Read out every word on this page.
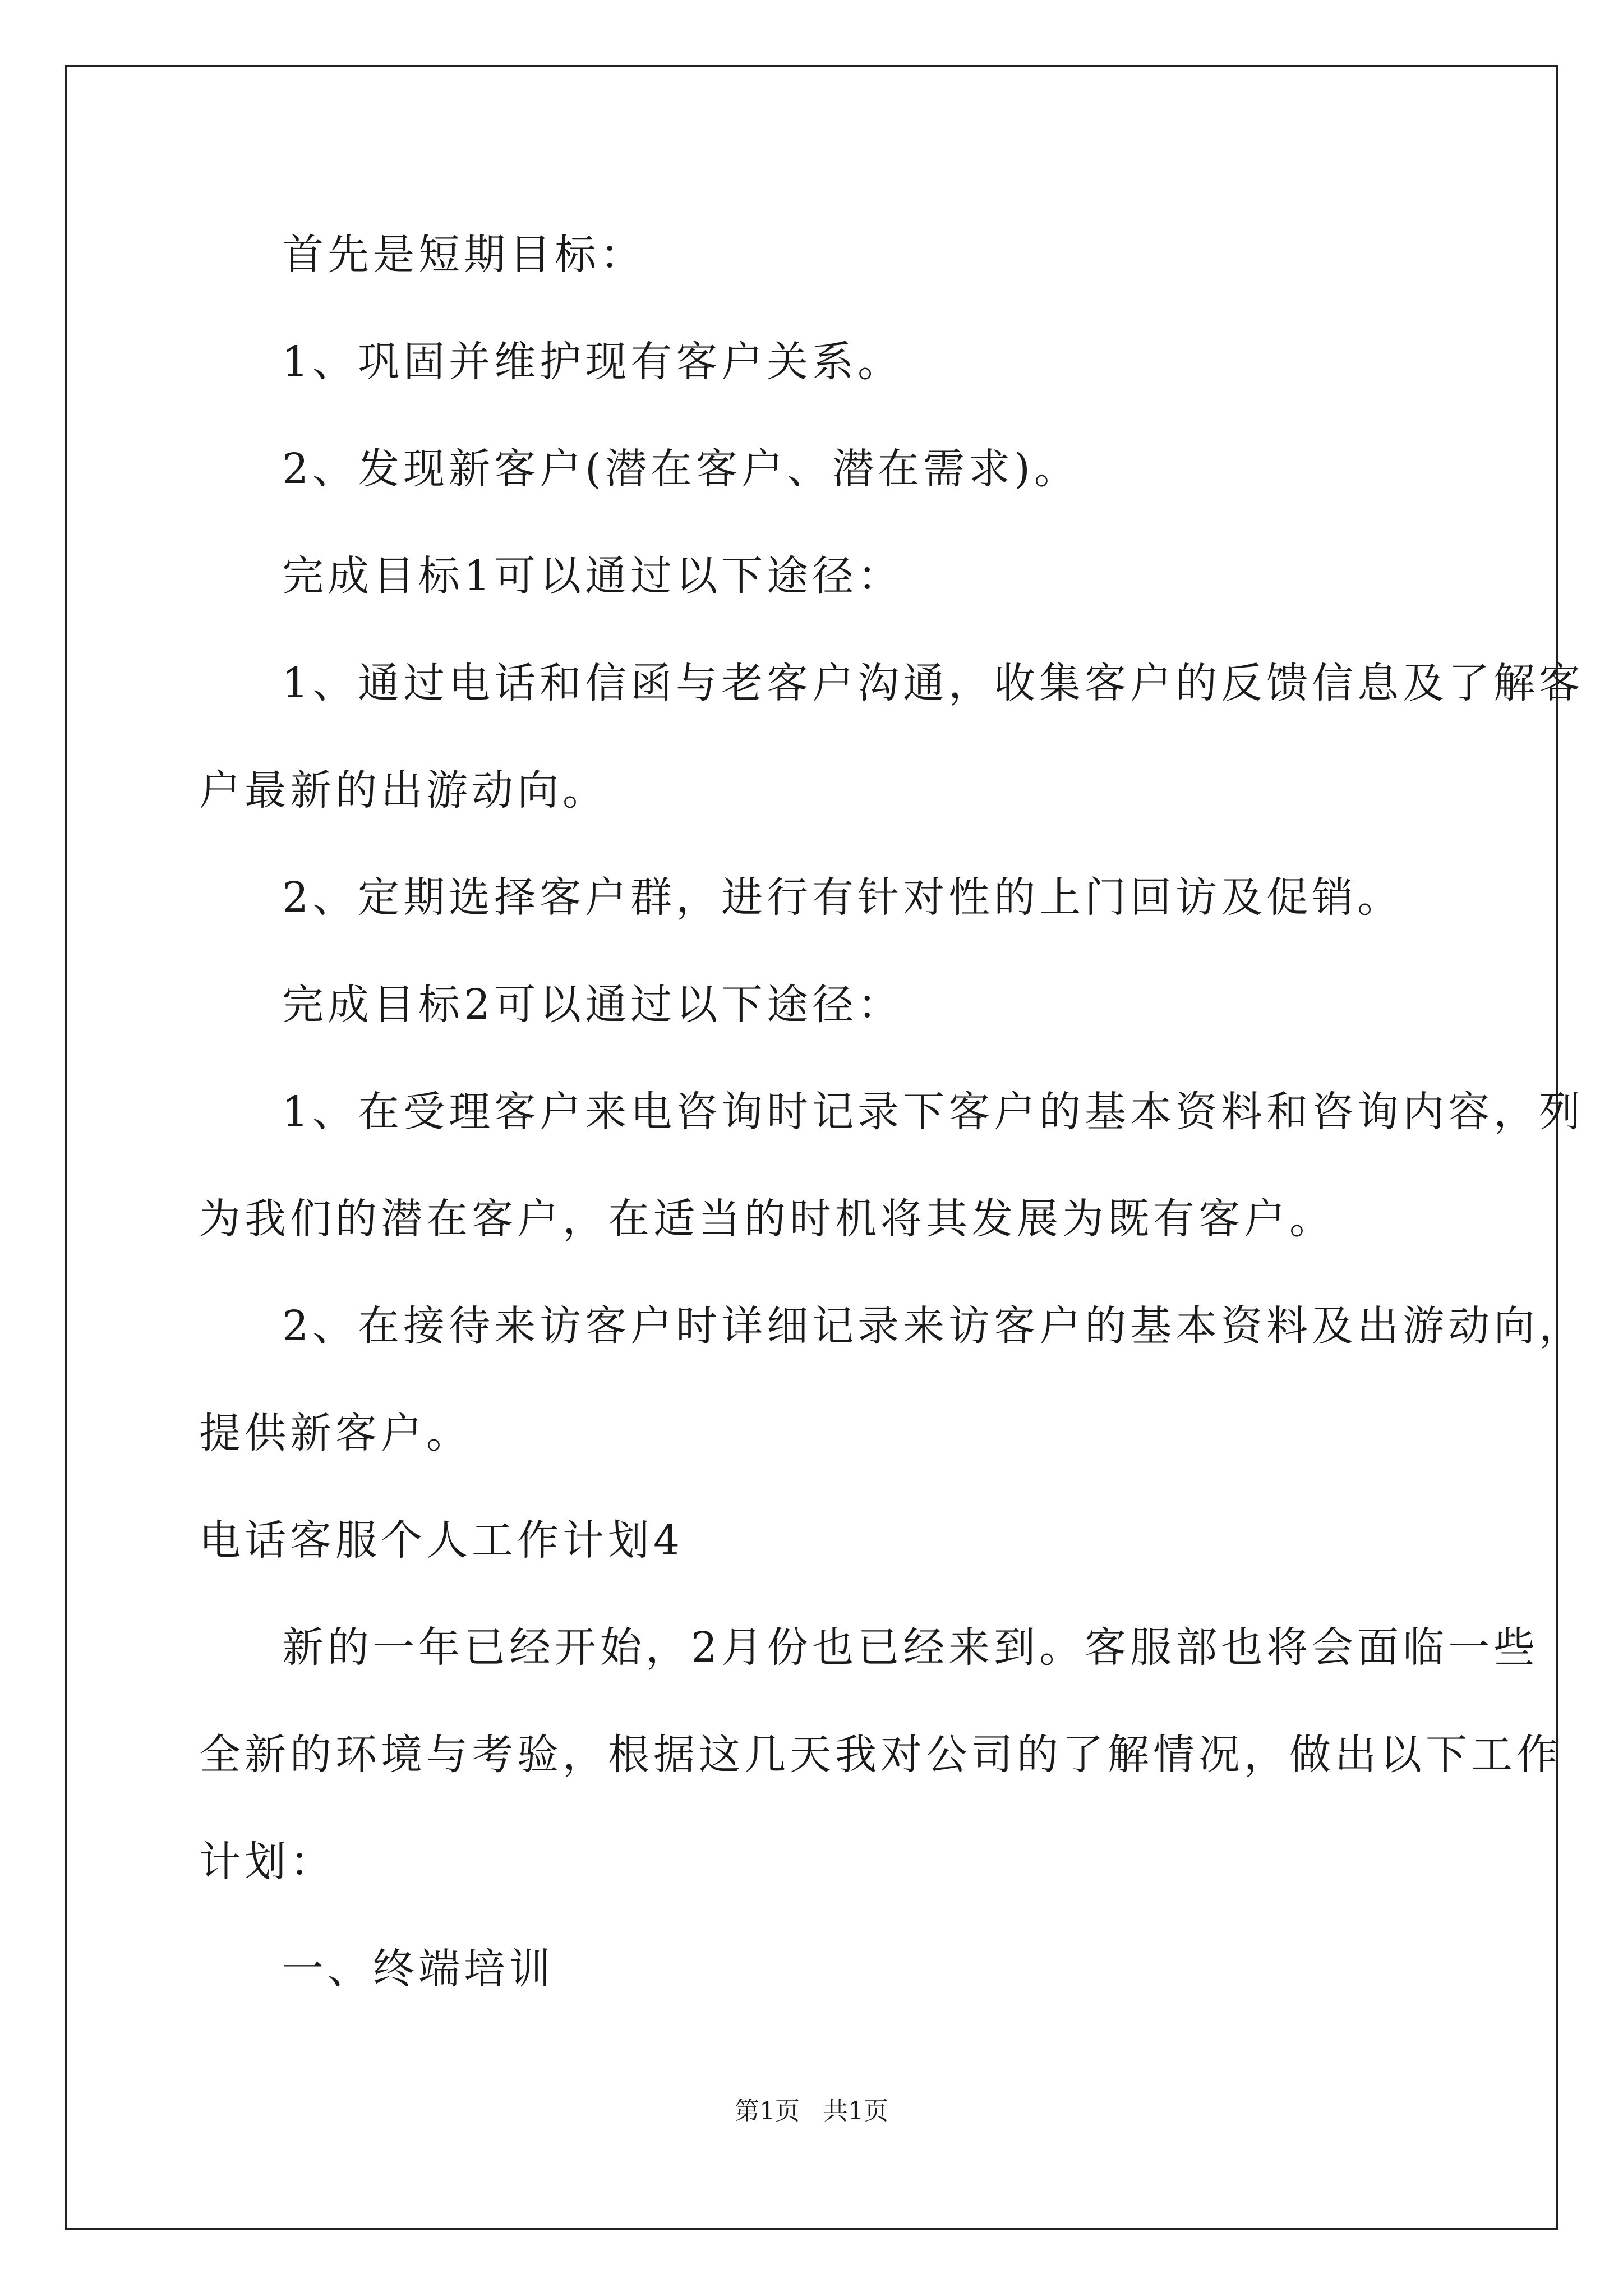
首先是短期目标：
1、巩固并维护现有客户关系。
2、发现新客户(潜在客户、潜在需求)。
完成目标1可以通过以下途径：
1、通过电话和信函与老客户沟通，收集客户的反馈信息及了解客
户最新的出游动向。
2、定期选择客户群，进行有针对性的上门回访及促销。
完成目标2可以通过以下途径：
1、在受理客户来电咨询时记录下客户的基本资料和咨询内容，列
为我们的潜在客户，在适当的时机将其发展为既有客户。
2、在接待来访客户时详细记录来访客户的基本资料及出游动向，
提供新客户。
电话客服个人工作计划4
新的一年已经开始，2月份也已经来到。客服部也将会面临一些
全新的环境与考验，根据这几天我对公司的了解情况，做出以下工作
计划：
一、终端培训
第1页   共1页
